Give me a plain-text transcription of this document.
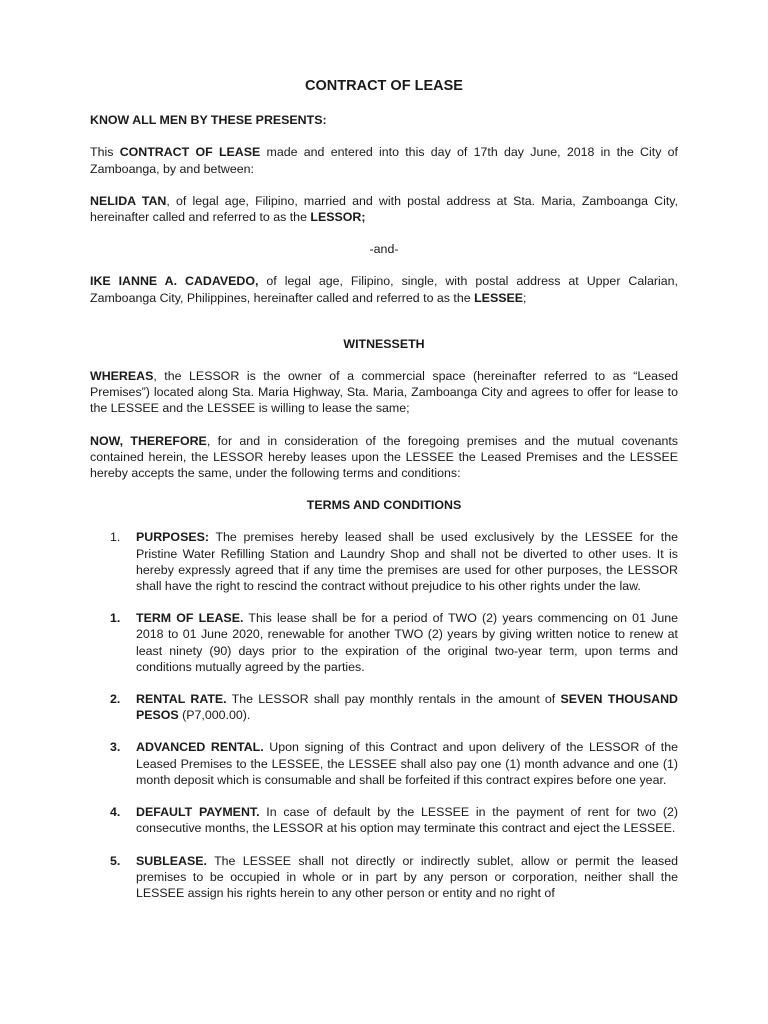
CONTRACT OF LEASE
KNOW ALL MEN BY THESE PRESENTS:
This CONTRACT OF LEASE made and entered into this day of 17th day June, 2018 in the City of Zamboanga, by and between:
NELIDA TAN, of legal age, Filipino, married and with postal address at Sta. Maria, Zamboanga City, hereinafter called and referred to as the LESSOR;
-and-
IKE IANNE A. CADAVEDO, of legal age, Filipino, single, with postal address at Upper Calarian, Zamboanga City, Philippines, hereinafter called and referred to as the LESSEE;
WITNESSETH
WHEREAS, the LESSOR is the owner of a commercial space (hereinafter referred to as “Leased Premises”) located along Sta. Maria Highway, Sta. Maria, Zamboanga City and agrees to offer for lease to the LESSEE and the LESSEE is willing to lease the same;
NOW, THEREFORE, for and in consideration of the foregoing premises and the mutual covenants contained herein, the LESSOR hereby leases upon the LESSEE the Leased Premises and the LESSEE hereby accepts the same, under the following terms and conditions:
TERMS AND CONDITIONS
1. PURPOSES: The premises hereby leased shall be used exclusively by the LESSEE for the Pristine Water Refilling Station and Laundry Shop and shall not be diverted to other uses. It is hereby expressly agreed that if any time the premises are used for other purposes, the LESSOR shall have the right to rescind the contract without prejudice to his other rights under the law.
1. TERM OF LEASE. This lease shall be for a period of TWO (2) years commencing on 01 June 2018 to 01 June 2020, renewable for another TWO (2) years by giving written notice to renew at least ninety (90) days prior to the expiration of the original two-year term, upon terms and conditions mutually agreed by the parties.
2. RENTAL RATE. The LESSOR shall pay monthly rentals in the amount of SEVEN THOUSAND PESOS (P7,000.00).
3. ADVANCED RENTAL. Upon signing of this Contract and upon delivery of the LESSOR of the Leased Premises to the LESSEE, the LESSEE shall also pay one (1) month advance and one (1) month deposit which is consumable and shall be forfeited if this contract expires before one year.
4. DEFAULT PAYMENT. In case of default by the LESSEE in the payment of rent for two (2) consecutive months, the LESSOR at his option may terminate this contract and eject the LESSEE.
5. SUBLEASE. The LESSEE shall not directly or indirectly sublet, allow or permit the leased premises to be occupied in whole or in part by any person or corporation, neither shall the LESSEE assign his rights herein to any other person or entity and no right of
